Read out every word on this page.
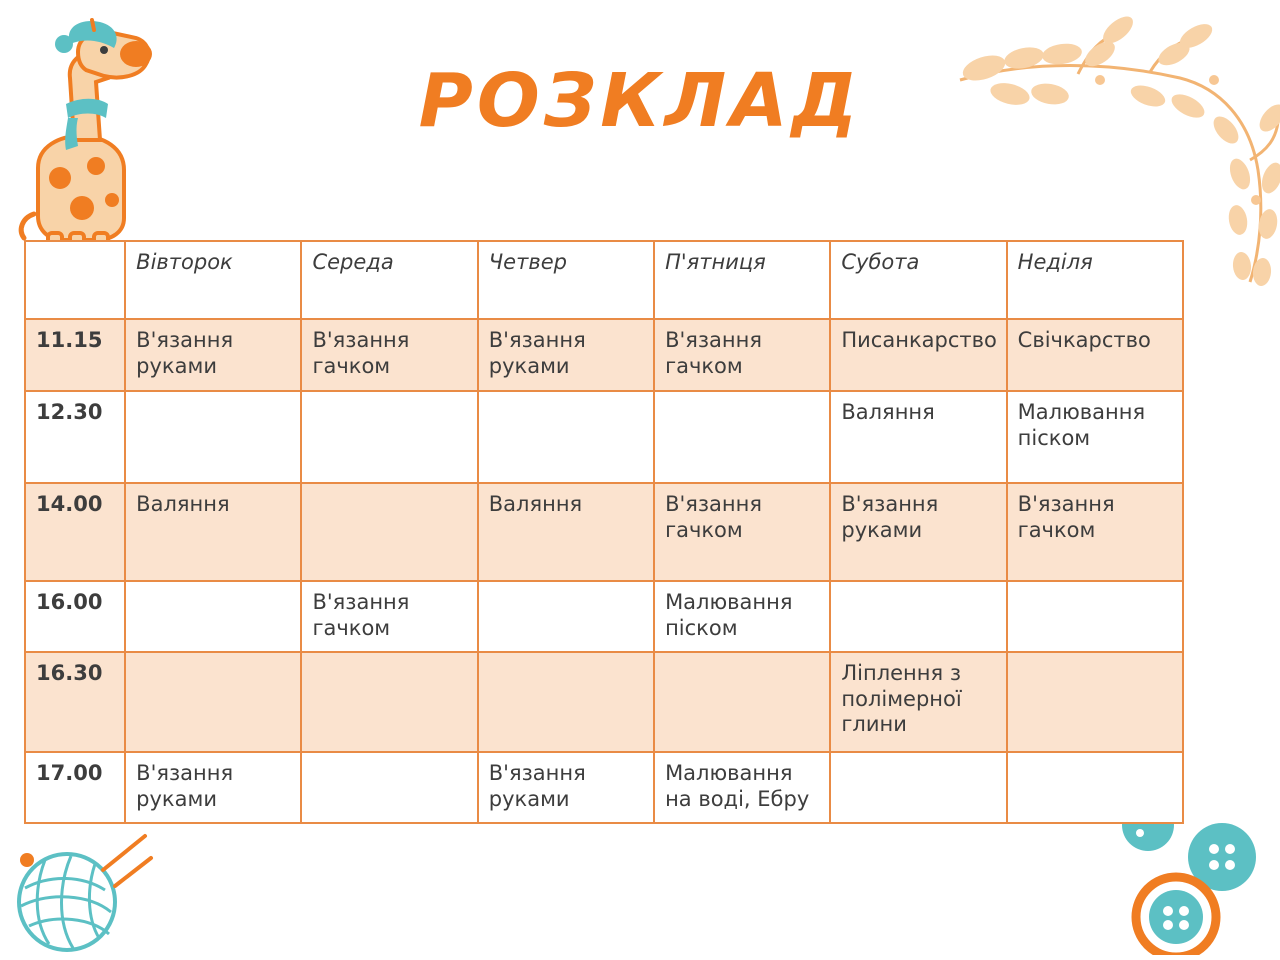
РОЗКЛАД
	Вівторок	Середа	Четвер	П'ятниця	Субота	Неділя
11.15	В'язання руками	В'язання гачком	В'язання руками	В'язання гачком	Писанкарство	Свічкарство
12.30					Валяння	Малювання піском
14.00	Валяння		Валяння	В'язання гачком	В'язання руками	В'язання гачком
16.00		В'язання гачком		Малювання піском		
16.30					Ліплення з полімерної глини	
17.00	В'язання руками		В'язання руками	Малювання на воді, Ебру		
